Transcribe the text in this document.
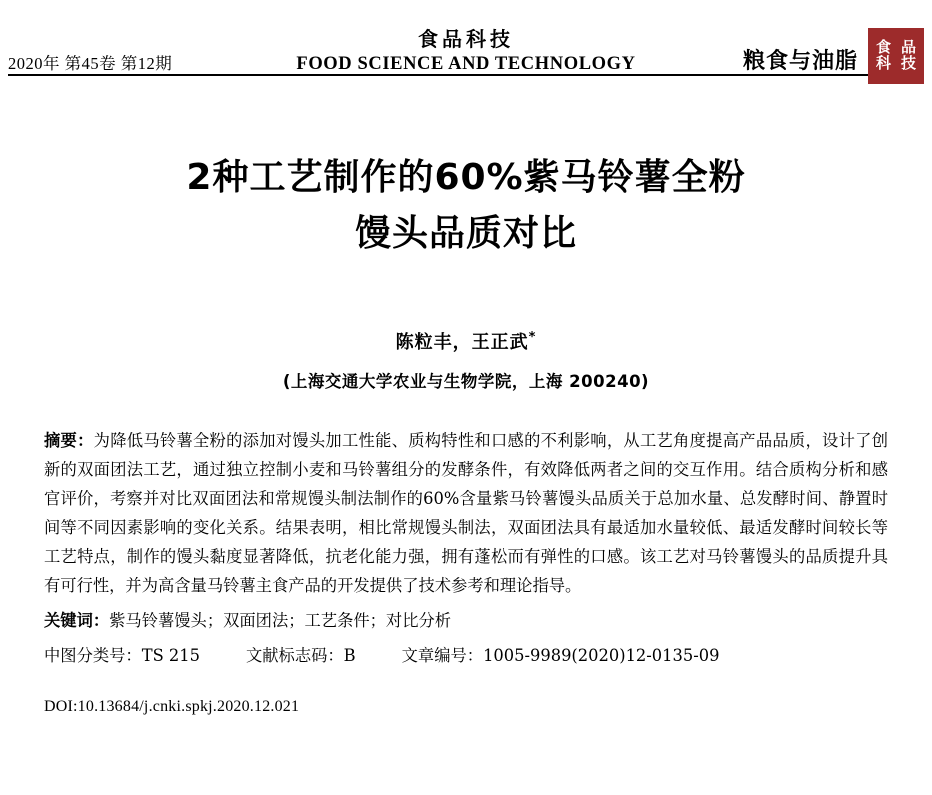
2020年 第45卷 第12期
食品科技
FOOD SCIENCE AND TECHNOLOGY	粮食与油脂
食 品
科 技
2种工艺制作的60%紫马铃薯全粉
馒头品质对比
陈粒丰，王正武*
(上海交通大学农业与生物学院，上海 200240)
摘要：为降低马铃薯全粉的添加对馒头加工性能、质构特性和口感的不利影响，从工艺角度提高产品品质，设计了创新的双面团法工艺，通过独立控制小麦和马铃薯组分的发酵条件，有效降低两者之间的交互作用。结合质构分析和感官评价，考察并对比双面团法和常规馒头制法制作的60%含量紫马铃薯馒头品质关于总加水量、总发酵时间、静置时间等不同因素影响的变化关系。结果表明，相比常规馒头制法，双面团法具有最适加水量较低、最适发酵时间较长等工艺特点，制作的馒头黏度显著降低，抗老化能力强，拥有蓬松而有弹性的口感。该工艺对马铃薯馒头的品质提升具有可行性，并为高含量马铃薯主食产品的开发提供了技术参考和理论指导。
关键词：紫马铃薯馒头；双面团法；工艺条件；对比分析
中图分类号：TS 215	文献标志码：B	文章编号：1005-9989(2020)12-0135-09
DOI:10.13684/j.cnki.spkj.2020.12.021
